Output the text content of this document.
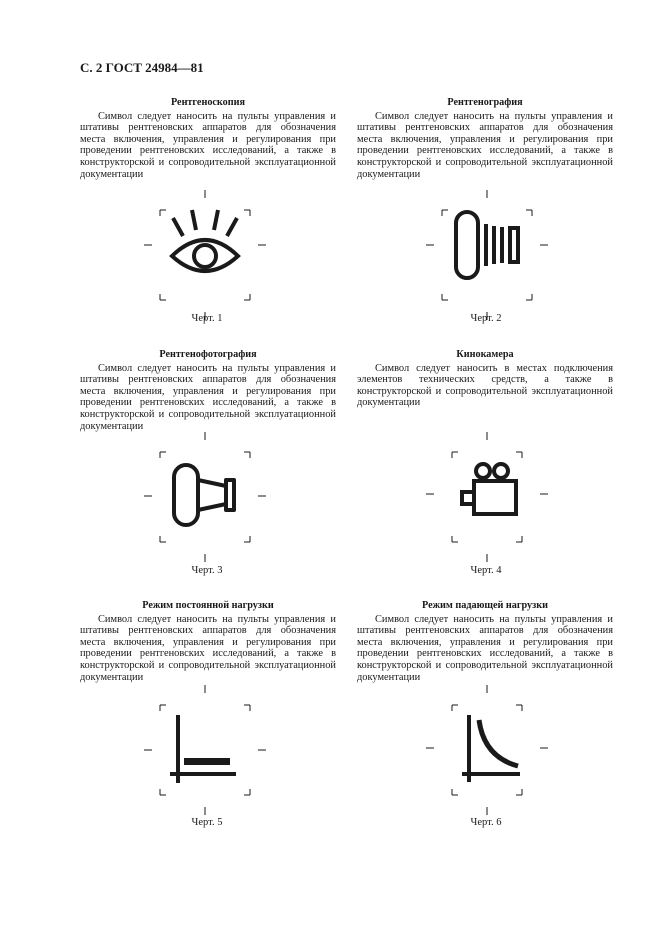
С. 2 ГОСТ 24984—81
Рентгеноскопия
Символ следует наносить на пульты управления и штативы рентгеновских аппаратов для обозначения места включения, управления и регулирования при проведении рентгеновских исследований, а также в конструкторской и сопроводительной эксплуатационной документации
Черт. 1
Рентгенография
Символ следует наносить на пульты управления и штативы рентгеновских аппаратов для обозначения места включения, управления и регулирования при проведении рентгеновских исследований, а также в конструкторской и сопроводительной эксплуатационной документации
Черт. 2
Рентгенофотография
Символ следует наносить на пульты управления и штативы рентгеновских аппаратов для обозначения места включения, управления и регулирования при проведении рентгеновских исследований, а также в конструкторской и сопроводительной эксплуатационной документации
Черт. 3
Кинокамера
Символ следует наносить в местах подключения элементов технических средств, а также в конструкторской и сопроводительной эксплуатационной документации
Черт. 4
Режим постоянной нагрузки
Символ следует наносить на пульты управления и штативы рентгеновских аппаратов для обозначения места включения, управления и регулирования при проведении рентгеновских исследований, а также в конструкторской и сопроводительной эксплуатационной документации
Черт. 5
Режим падающей нагрузки
Символ следует наносить на пульты управления и штативы рентгеновских аппаратов для обозначения места включения, управления и регулирования при проведении рентгеновских исследований, а также в конструкторской и сопроводительной эксплуатационной документации
Черт. 6
